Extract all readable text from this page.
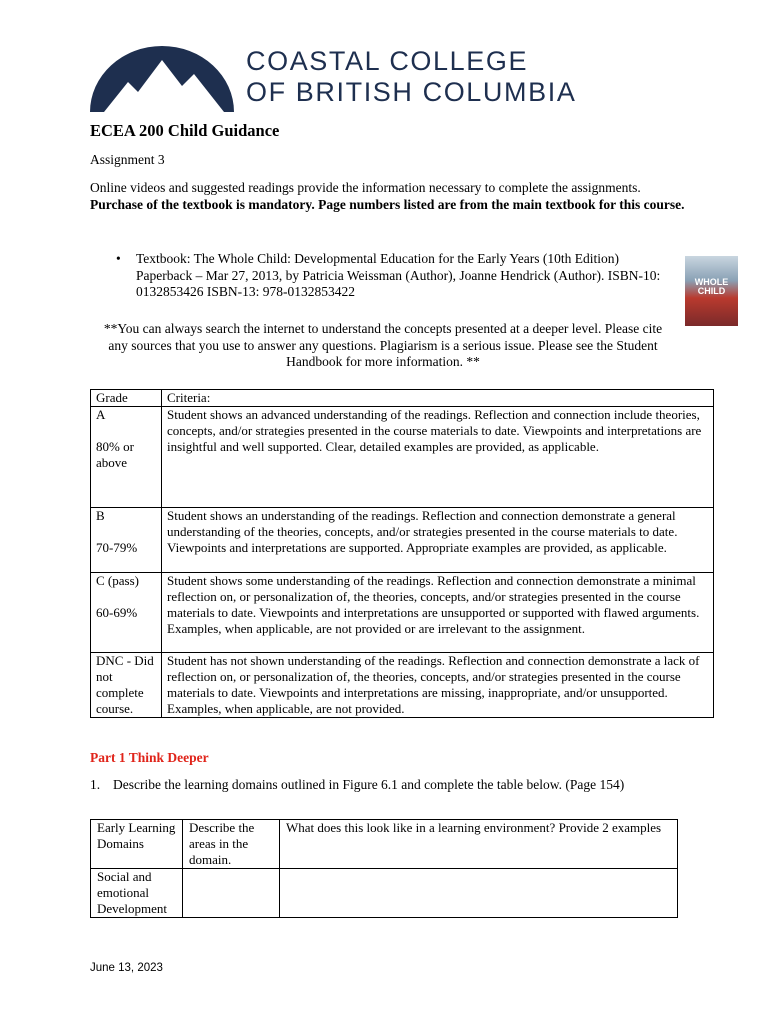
COASTAL COLLEGE
OF BRITISH COLUMBIA
ECEA 200 Child Guidance
Assignment 3
Online videos and suggested readings provide the information necessary to complete the assignments. Purchase of the textbook is mandatory. Page numbers listed are from the main textbook for this course.
• Textbook: The Whole Child: Developmental Education for the Early Years (10th Edition) Paperback – Mar 27, 2013, by Patricia Weissman (Author), Joanne Hendrick (Author). ISBN-10: 0132853426 ISBN-13: 978-0132853422
WHOLE CHILD
**You can always search the internet to understand the concepts presented at a deeper level. Please cite any sources that you use to answer any questions. Plagiarism is a serious issue. Please see the Student Handbook for more information. **
Grade	Criteria:

A
80% or above	Student shows an advanced understanding of the readings. Reflection and connection include theories, concepts, and/or strategies presented in the course materials to date. Viewpoints and interpretations are insightful and well supported. Clear, detailed examples are provided, as applicable.

B
70-79%	Student shows an understanding of the readings. Reflection and connection demonstrate a general understanding of the theories, concepts, and/or strategies presented in the course materials to date. Viewpoints and interpretations are supported. Appropriate examples are provided, as applicable.

C (pass)
60-69%	Student shows some understanding of the readings. Reflection and connection demonstrate a minimal reflection on, or personalization of, the theories, concepts, and/or strategies presented in the course materials to date. Viewpoints and interpretations are unsupported or supported with flawed arguments. Examples, when applicable, are not provided or are irrelevant to the assignment.
DNC - Did not complete course.	Student has not shown understanding of the readings. Reflection and connection demonstrate a lack of reflection on, or personalization of, the theories, concepts, and/or strategies presented in the course materials to date. Viewpoints and interpretations are missing, inappropriate, and/or unsupported. Examples, when applicable, are not provided.
Part 1 Think Deeper
1. Describe the learning domains outlined in Figure 6.1 and complete the table below. (Page 154)
Early Learning Domains	Describe the areas in the domain.	What does this look like in a learning environment? Provide 2 examples
Social and emotional Development		
June 13, 2023
